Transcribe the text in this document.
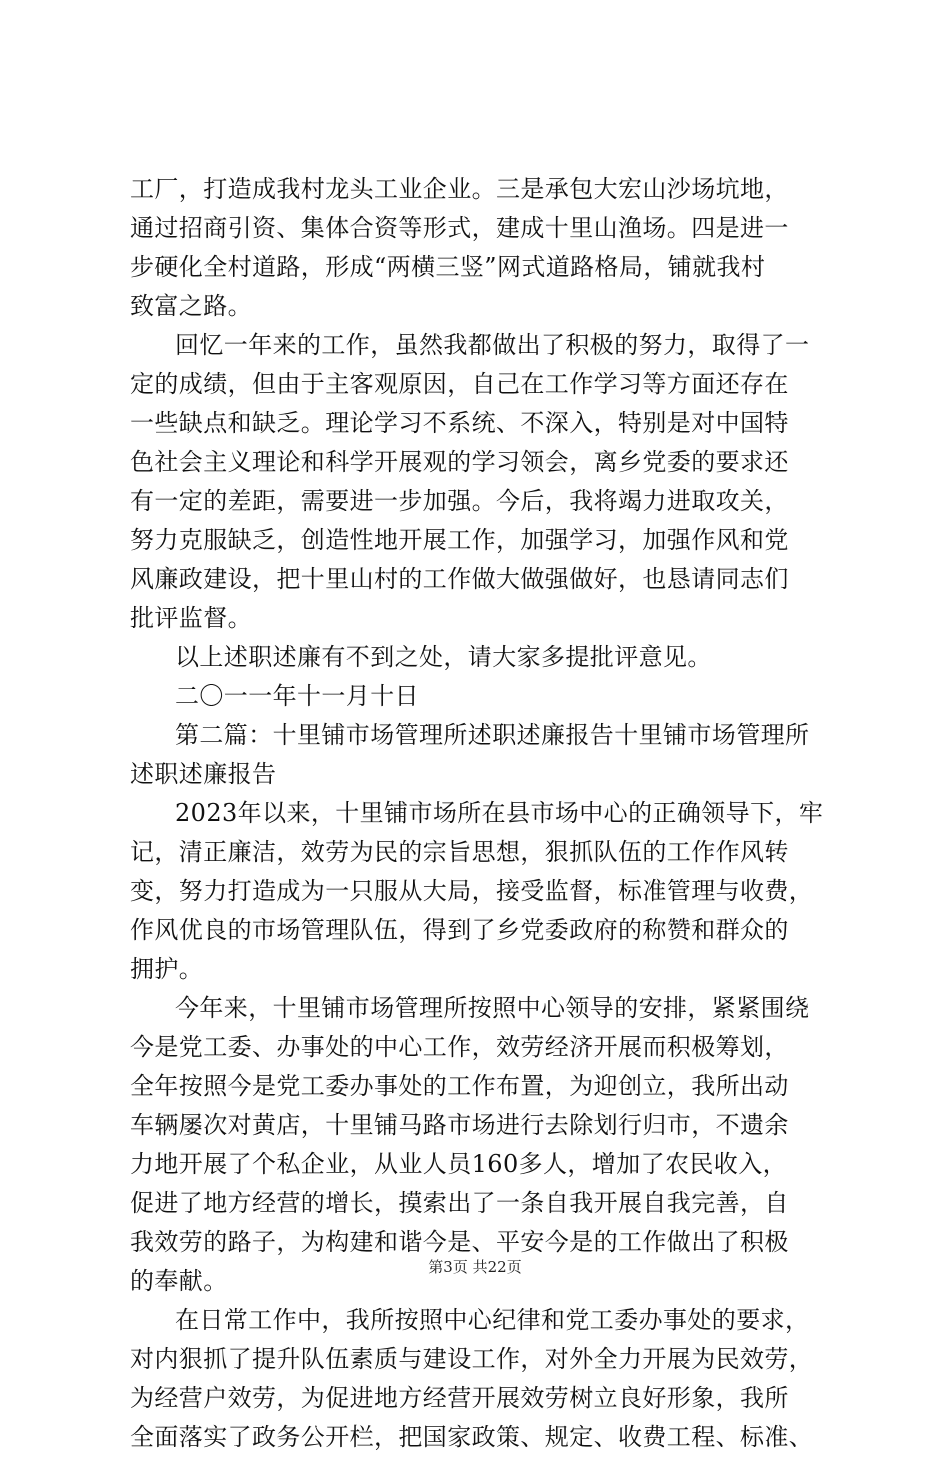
工厂，打造成我村龙头工业企业。三是承包大宏山沙场坑地，
通过招商引资、集体合资等形式，建成十里山渔场。四是进一
步硬化全村道路，形成“两横三竖”网式道路格局，铺就我村
致富之路。
回忆一年来的工作，虽然我都做出了积极的努力，取得了一
定的成绩，但由于主客观原因，自己在工作学习等方面还存在
一些缺点和缺乏。理论学习不系统、不深入，特别是对中国特
色社会主义理论和科学开展观的学习领会，离乡党委的要求还
有一定的差距，需要进一步加强。今后，我将竭力进取攻关，
努力克服缺乏，创造性地开展工作，加强学习，加强作风和党
风廉政建设，把十里山村的工作做大做强做好，也恳请同志们
批评监督。
以上述职述廉有不到之处，请大家多提批评意见。
二〇一一年十一月十日
第二篇：十里铺市场管理所述职述廉报告十里铺市场管理所
述职述廉报告
2023年以来，十里铺市场所在县市场中心的正确领导下，牢
记，清正廉洁，效劳为民的宗旨思想，狠抓队伍的工作作风转
变，努力打造成为一只服从大局，接受监督，标准管理与收费，
作风优良的市场管理队伍，得到了乡党委政府的称赞和群众的
拥护。
今年来，十里铺市场管理所按照中心领导的安排，紧紧围绕
今是党工委、办事处的中心工作，效劳经济开展而积极筹划，
全年按照今是党工委办事处的工作布置，为迎创立，我所出动
车辆屡次对黄店，十里铺马路市场进行去除划行归市，不遗余
力地开展了个私企业，从业人员160多人，增加了农民收入，
促进了地方经营的增长，摸索出了一条自我开展自我完善，自
我效劳的路子，为构建和谐今是、平安今是的工作做出了积极
的奉献。
在日常工作中，我所按照中心纪律和党工委办事处的要求，
对内狠抓了提升队伍素质与建设工作，对外全力开展为民效劳，
为经营户效劳，为促进地方经营开展效劳树立良好形象，我所
全面落实了政务公开栏，把国家政策、规定、收费工程、标准、
第3页 共22页
